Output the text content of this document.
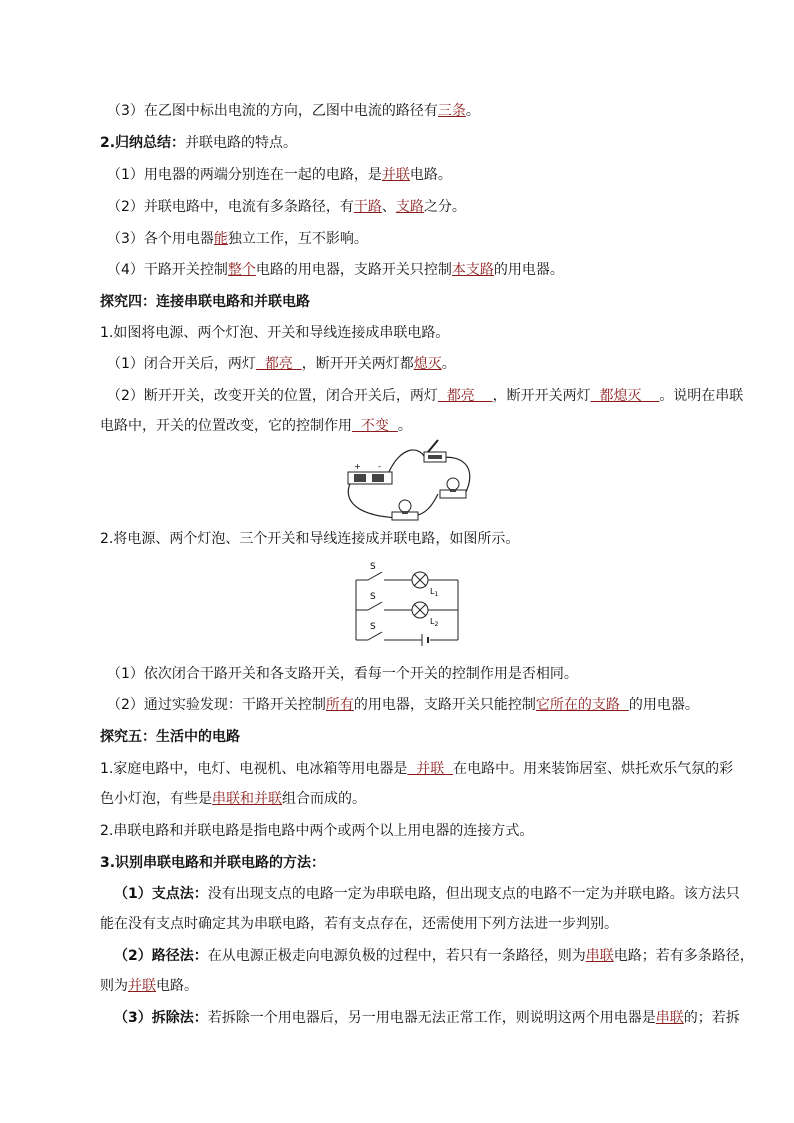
（3）在乙图中标出电流的方向，乙图中电流的路径有三条。
2.归纳总结：并联电路的特点。
（1）用电器的两端分别连在一起的电路，是并联电路。
（2）并联电路中，电流有多条路径，有干路、支路之分。
（3）各个用电器能独立工作，互不影响。
（4）干路开关控制整个电路的用电器，支路开关只控制本支路的用电器。
探究四：连接串联电路和并联电路
1.如图将电源、两个灯泡、开关和导线连接成串联电路。
（1）闭合开关后，两灯  都亮  ，断开开关两灯都熄灭。
（2）断开开关，改变开关的位置，闭合开关后，两灯  都亮    ，断开开关两灯  都熄灭    。说明在串联
电路中，开关的位置改变，它的控制作用  不变  。
+ -
2.将电源、两个灯泡、三个开关和导线连接成并联电路，如图所示。
S
S
S
$L_1$
$L_2$
（1）依次闭合干路开关和各支路开关，看每一个开关的控制作用是否相同。
（2）通过实验发现：干路开关控制所有的用电器，支路开关只能控制它所在的支路  的用电器。
探究五：生活中的电路
1.家庭电路中，电灯、电视机、电冰箱等用电器是  并联  在电路中。用来装饰居室、烘托欢乐气氛的彩
色小灯泡，有些是串联和并联组合而成的。
2.串联电路和并联电路是指电路中两个或两个以上用电器的连接方式。
3.识别串联电路和并联电路的方法：
（1）支点法：没有出现支点的电路一定为串联电路，但出现支点的电路不一定为并联电路。该方法只
能在没有支点时确定其为串联电路，若有支点存在，还需使用下列方法进一步判别。
（2）路径法：在从电源正极走向电源负极的过程中，若只有一条路径，则为串联电路；若有多条路径，
则为并联电路。
（3）拆除法：若拆除一个用电器后，另一用电器无法正常工作，则说明这两个用电器是串联的；若拆
